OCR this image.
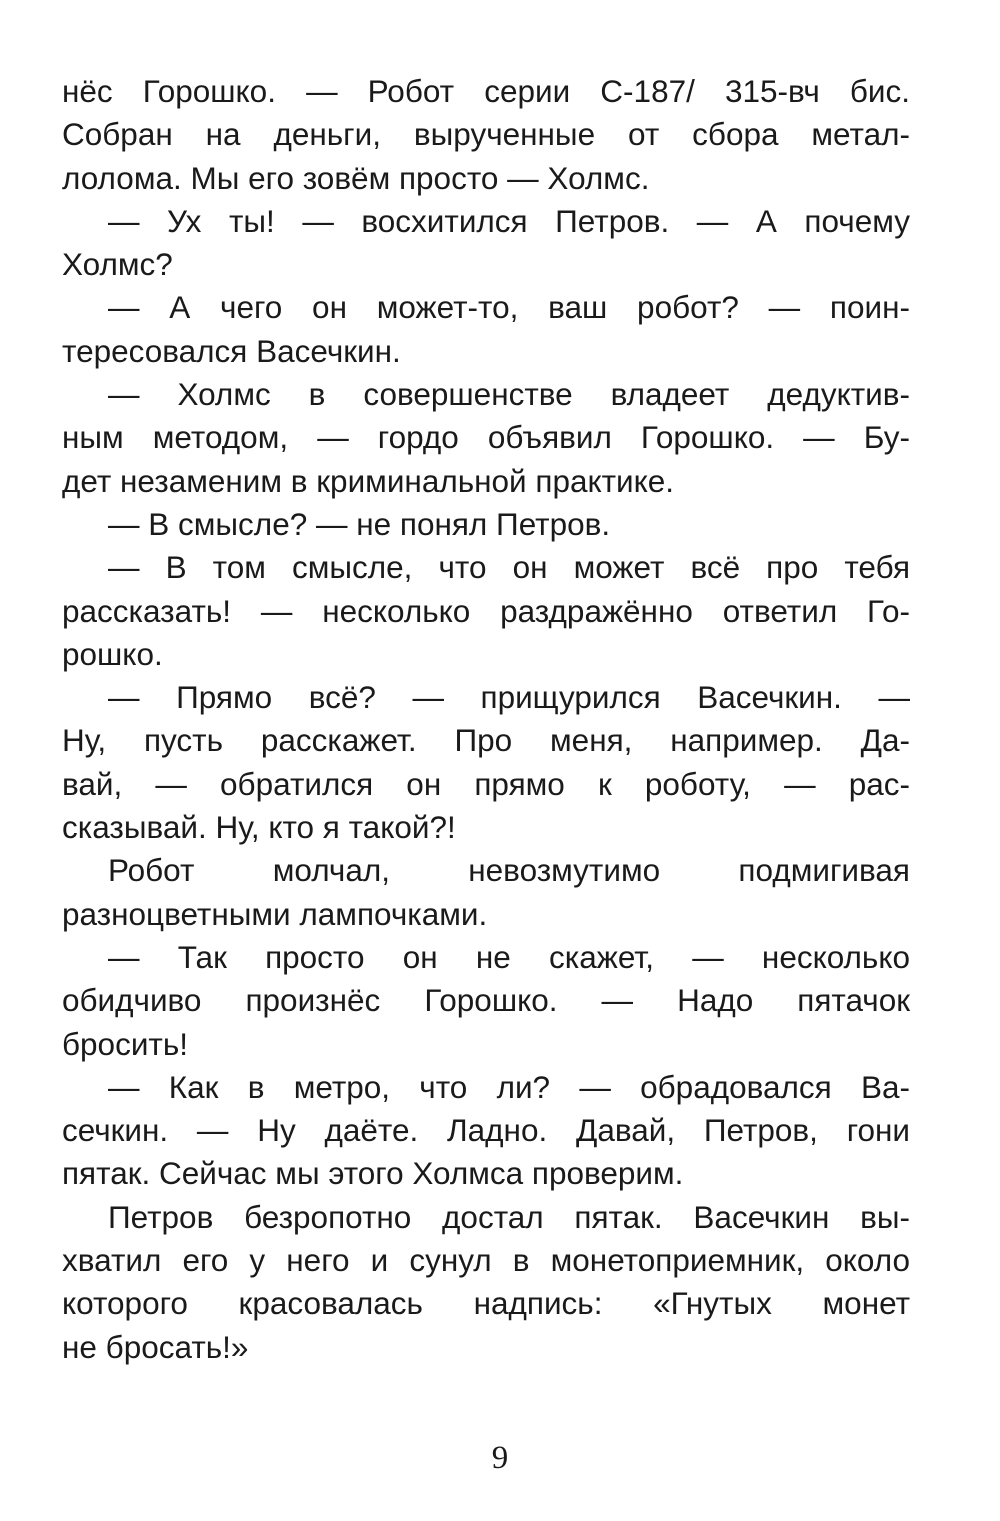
нёс Горошко. — Робот серии С-187/ 315-вч бис.
Собран на деньги, вырученные от сбора метал-
лолома. Мы его зовём просто — Холмс.
— Ух ты! — восхитился Петров. — А почему
Холмс?
— А чего он может-то, ваш робот? — поин-
тересовался Васечкин.
— Холмс в совершенстве владеет дедуктив-
ным методом, — гордо объявил Горошко. — Бу-
дет незаменим в криминальной практике.
— В смысле? — не понял Петров.
— В том смысле, что он может всё про тебя
рассказать! — несколько раздражённо ответил Го-
рошко.
— Прямо всё? — прищурился Васечкин. —
Ну, пусть расскажет. Про меня, например. Да-
вай, — обратился он прямо к роботу, — рас-
сказывай. Ну, кто я такой?!
Робот молчал, невозмутимо подмигивая
разноцветными лампочками.
— Так просто он не скажет, — несколько
обидчиво произнёс Горошко. — Надо пятачок
бросить!
— Как в метро, что ли? — обрадовался Ва-
сечкин. — Ну даёте. Ладно. Давай, Петров, гони
пятак. Сейчас мы этого Холмса проверим.
Петров безропотно достал пятак. Васечкин вы-
хватил его у него и сунул в монетоприемник, около
которого красовалась надпись: «Гнутых монет
не бросать!»
9
